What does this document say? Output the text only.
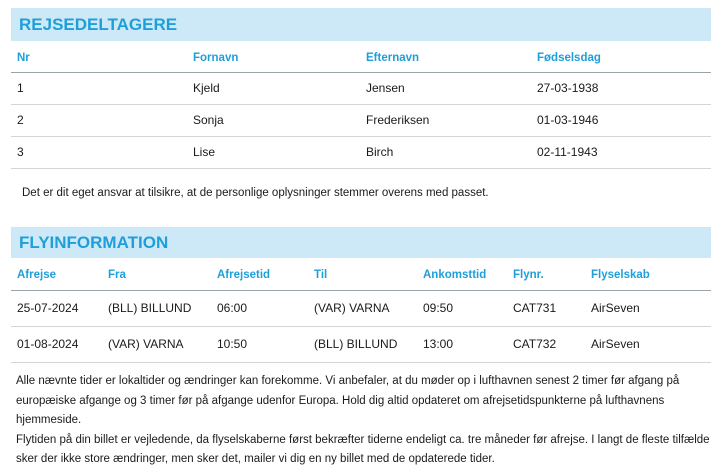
REJSEDELTAGERE
Nr	Fornavn	Efternavn	Fødselsdag
1	Kjeld	Jensen	27-03-1938
2	Sonja	Frederiksen	01-03-1946
3	Lise	Birch	02-11-1943
Det er dit eget ansvar at tilsikre, at de personlige oplysninger stemmer overens med passet.
FLYINFORMATION
Afrejse	Fra	Afrejsetid	Til	Ankomsttid	Flynr.	Flyselskab
25-07-2024	(BLL) BILLUND	06:00	(VAR) VARNA	09:50	CAT731	AirSeven
01-08-2024	(VAR) VARNA	10:50	(BLL) BILLUND	13:00	CAT732	AirSeven

Alle nævnte tider er lokaltider og ændringer kan forekomme. Vi anbefaler, at du møder op i lufthavnen senest 2 timer før afgang på europæiske afgange og 3 timer før på afgange udenfor Europa. Hold dig altid opdateret om afrejsetidspunkterne på lufthavnens hjemmeside.

Flytiden på din billet er vejledende, da flyselskaberne først bekræfter tiderne endeligt ca. tre måneder før afrejse. I langt de fleste tilfælde sker der ikke store ændringer, men sker det, mailer vi dig en ny billet med de opdaterede tider.
